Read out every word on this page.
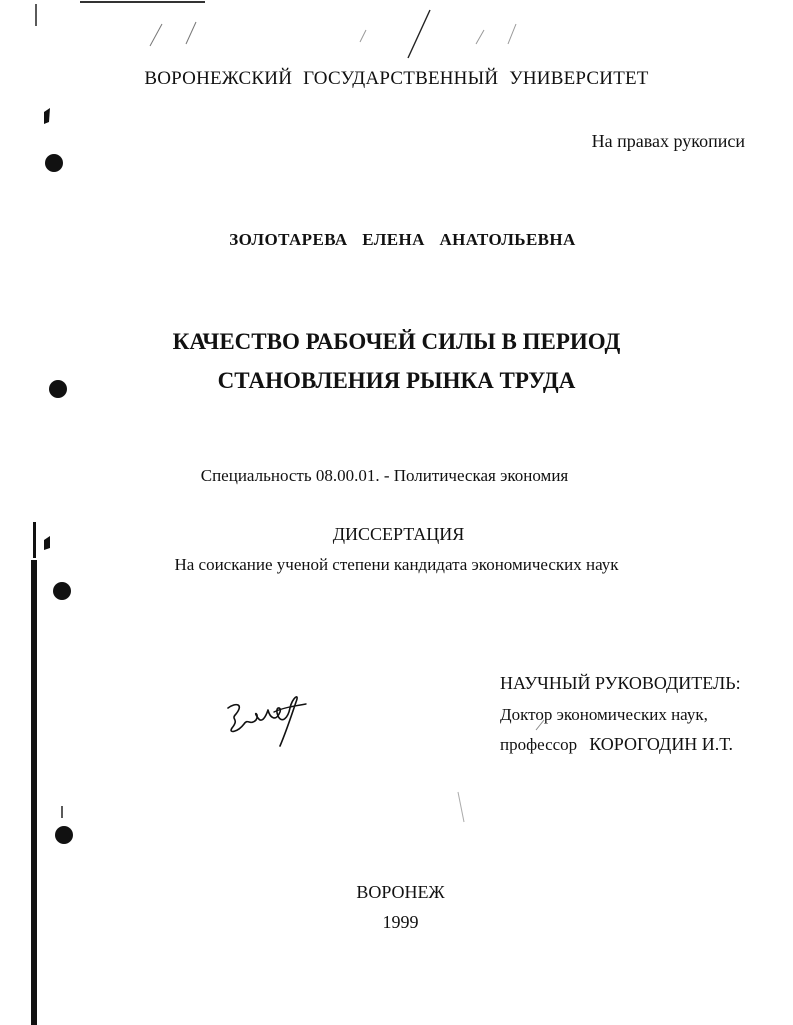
ВОРОНЕЖСКИЙ ГОСУДАРСТВЕННЫЙ УНИВЕРСИТЕТ
На правах рукописи
ЗОЛОТАРЕВА ЕЛЕНА АНАТОЛЬЕВНА
КАЧЕСТВО РАБОЧЕЙ СИЛЫ В ПЕРИОД
СТАНОВЛЕНИЯ РЫНКА ТРУДА
Специальность 08.00.01. - Политическая экономия
ДИССЕРТАЦИЯ
На соискание ученой степени кандидата экономических наук
НАУЧНЫЙ РУКОВОДИТЕЛЬ:
Доктор экономических наук,
профессор КОРОГОДИН И.Т.
ВОРОНЕЖ
1999
